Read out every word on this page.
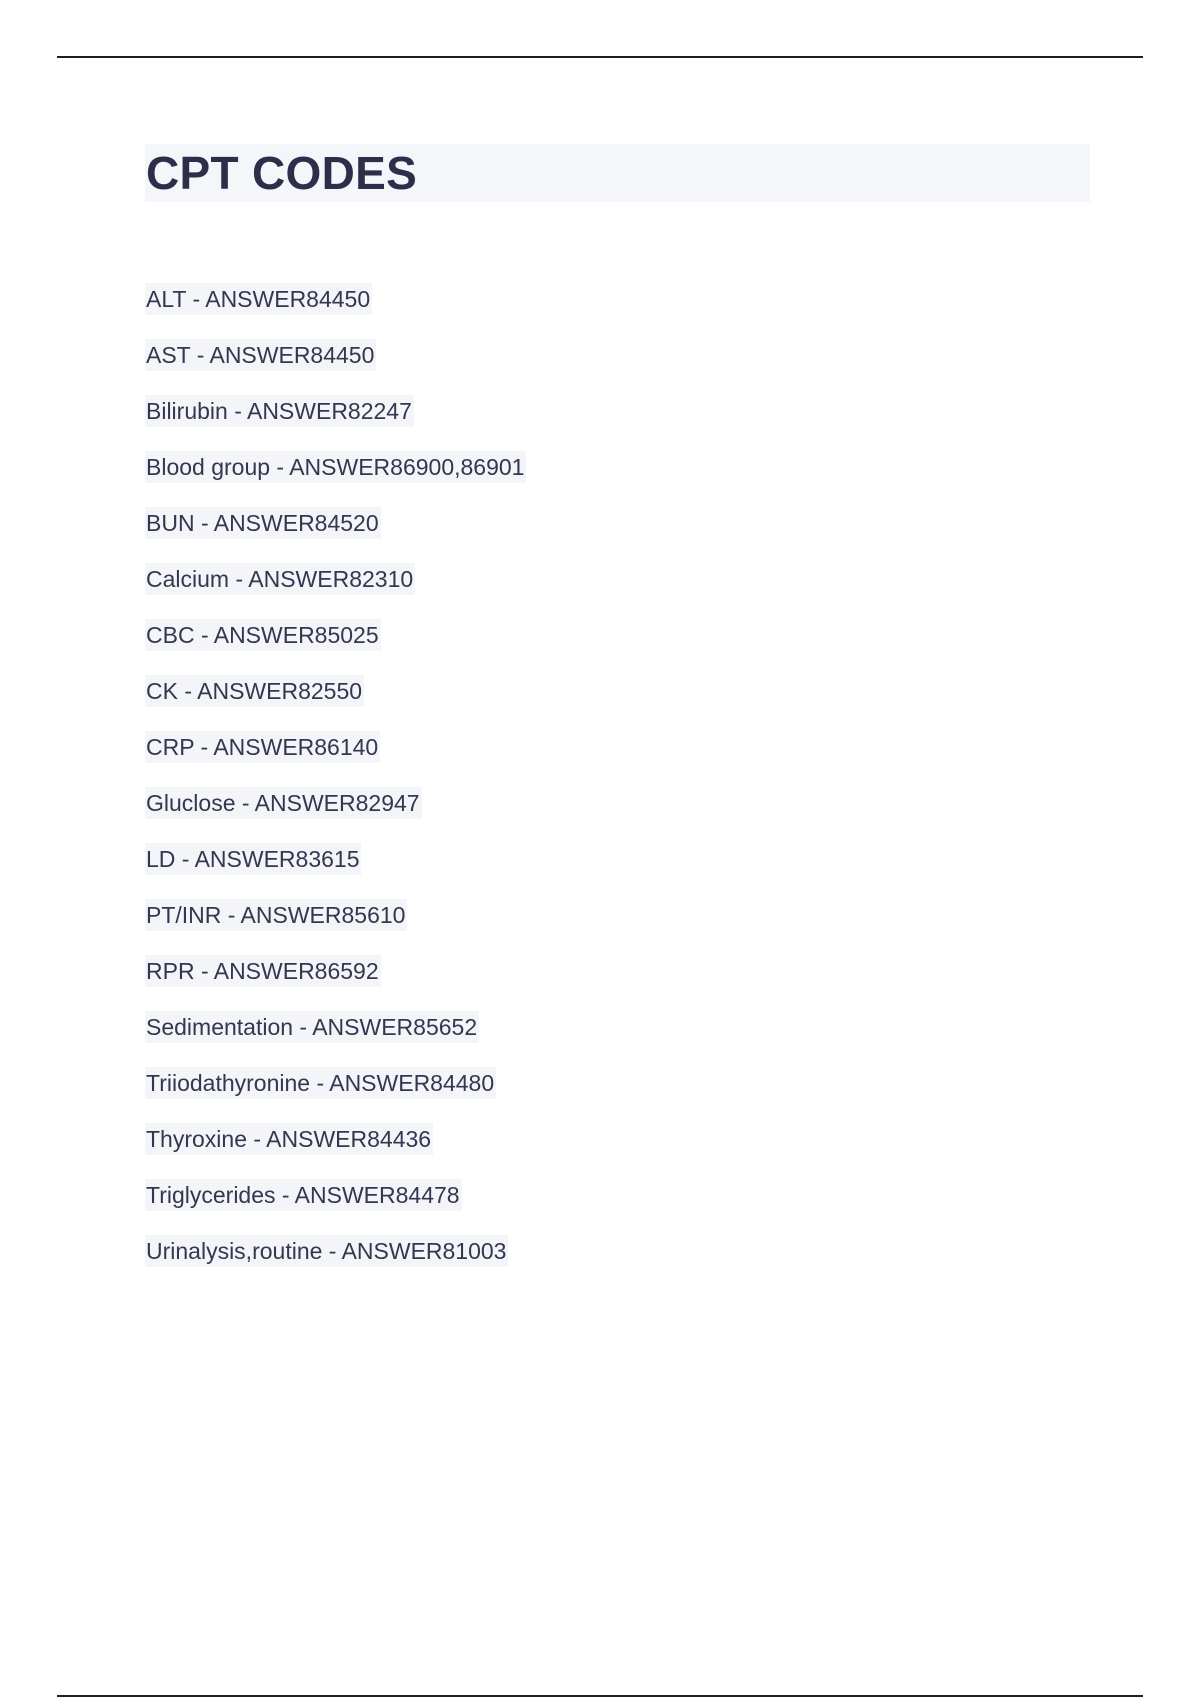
CPT CODES
ALT - ANSWER84450
AST - ANSWER84450
Bilirubin - ANSWER82247
Blood group - ANSWER86900,86901
BUN - ANSWER84520
Calcium - ANSWER82310
CBC - ANSWER85025
CK - ANSWER82550
CRP - ANSWER86140
Gluclose - ANSWER82947
LD - ANSWER83615
PT/INR - ANSWER85610
RPR - ANSWER86592
Sedimentation - ANSWER85652
Triiodathyronine - ANSWER84480
Thyroxine - ANSWER84436
Triglycerides - ANSWER84478
Urinalysis,routine - ANSWER81003
